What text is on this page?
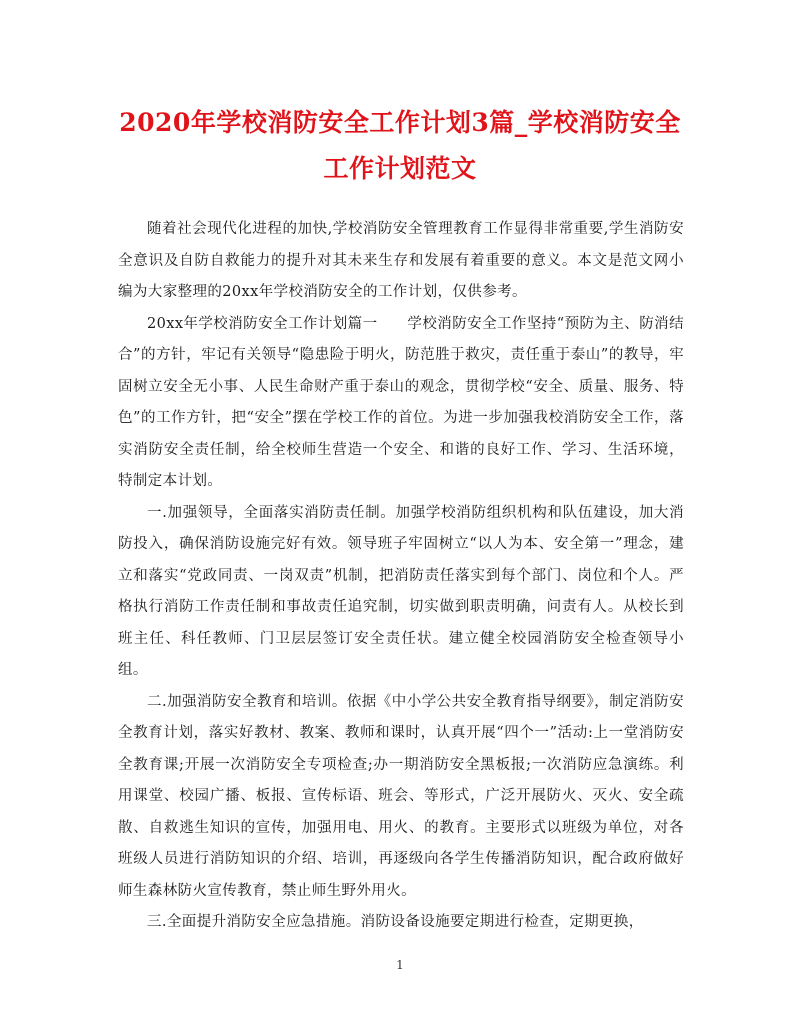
2020年学校消防安全工作计划3篇_学校消防安全工作计划范文

随着社会现代化进程的加快,学校消防安全管理教育工作显得非常重要,学生消防安全意识及自防自救能力的提升对其未来生存和发展有着重要的意义。本文是范文网小编为大家整理的20xx年学校消防安全的工作计划，仅供参考。

20xx年学校消防安全工作计划篇一　　学校消防安全工作坚持“预防为主、防消结合”的方针，牢记有关领导“隐患险于明火，防范胜于救灾，责任重于泰山”的教导，牢固树立安全无小事、人民生命财产重于泰山的观念，贯彻学校“安全、质量、服务、特色”的工作方针，把“安全”摆在学校工作的首位。为进一步加强我校消防安全工作，落实消防安全责任制，给全校师生营造一个安全、和谐的良好工作、学习、生活环境，特制定本计划。

一.加强领导，全面落实消防责任制。加强学校消防组织机构和队伍建设，加大消防投入，确保消防设施完好有效。领导班子牢固树立“以人为本、安全第一”理念，建立和落实“党政同责、一岗双责”机制，把消防责任落实到每个部门、岗位和个人。严格执行消防工作责任制和事故责任追究制，切实做到职责明确，问责有人。从校长到班主任、科任教师、门卫层层签订安全责任状。建立健全校园消防安全检查领导小组。

二.加强消防安全教育和培训。依据《中小学公共安全教育指导纲要》，制定消防安全教育计划，落实好教材、教案、教师和课时，认真开展“四个一”活动:上一堂消防安全教育课;开展一次消防安全专项检查;办一期消防安全黑板报;一次消防应急演练。利用课堂、校园广播、板报、宣传标语、班会、等形式，广泛开展防火、灭火、安全疏散、自救逃生知识的宣传，加强用电、用火、的教育。主要形式以班级为单位，对各班级人员进行消防知识的介绍、培训，再逐级向各学生传播消防知识，配合政府做好师生森林防火宣传教育，禁止师生野外用火。

三.全面提升消防安全应急措施。消防设备设施要定期进行检查，定期更换，

1
